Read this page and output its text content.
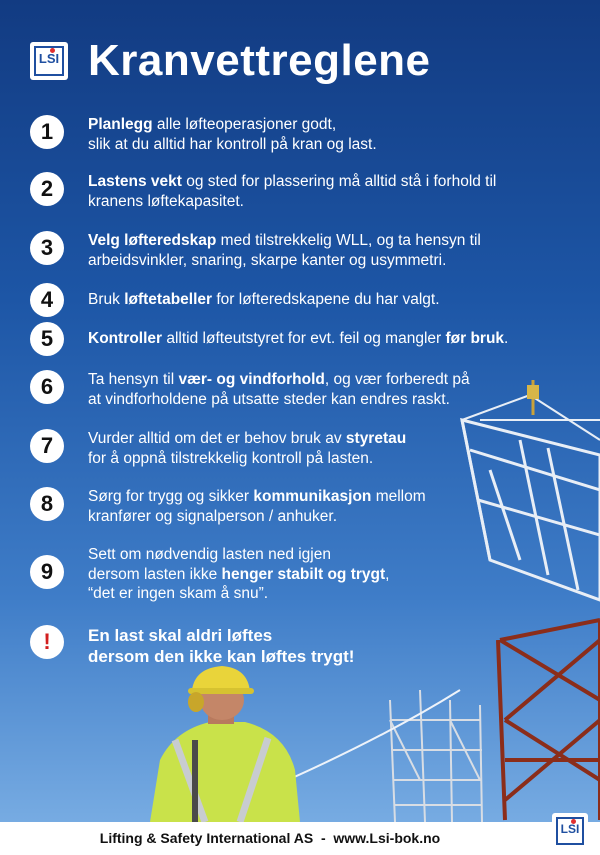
LSI Kranvettreglene
1	Planlegg alle løfteoperasjoner godt,
slik at du alltid har kontroll på kran og last.
2	Lastens vekt og sted for plassering må alltid stå i forhold til
kranens løftekapasitet.
3	Velg løfteredskap med tilstrekkelig WLL, og ta hensyn til
arbeidsvinkler, snaring, skarpe kanter og usymmetri.
4	Bruk løftetabeller for løfteredskapene du har valgt.
5	Kontroller alltid løfteutstyret for evt. feil og mangler før bruk.
6	Ta hensyn til vær- og vindforhold, og vær forberedt på
at vindforholdene på utsatte steder kan endres raskt.
7	Vurder alltid om det er behov bruk av styretau
for å oppnå tilstrekkelig kontroll på lasten.
8	Sørg for trygg og sikker kommunikasjon mellom
kranfører og signalperson / anhuker.
9
Sett om nødvendig lasten ned igjen
dersom lasten ikke henger stabilt og trygt,
“det er ingen skam å snu”.
!	En last skal aldri løftes
dersom den ikke kan løftes trygt!
Lifting & Safety International AS  -  www.Lsi-bok.no
LSI
